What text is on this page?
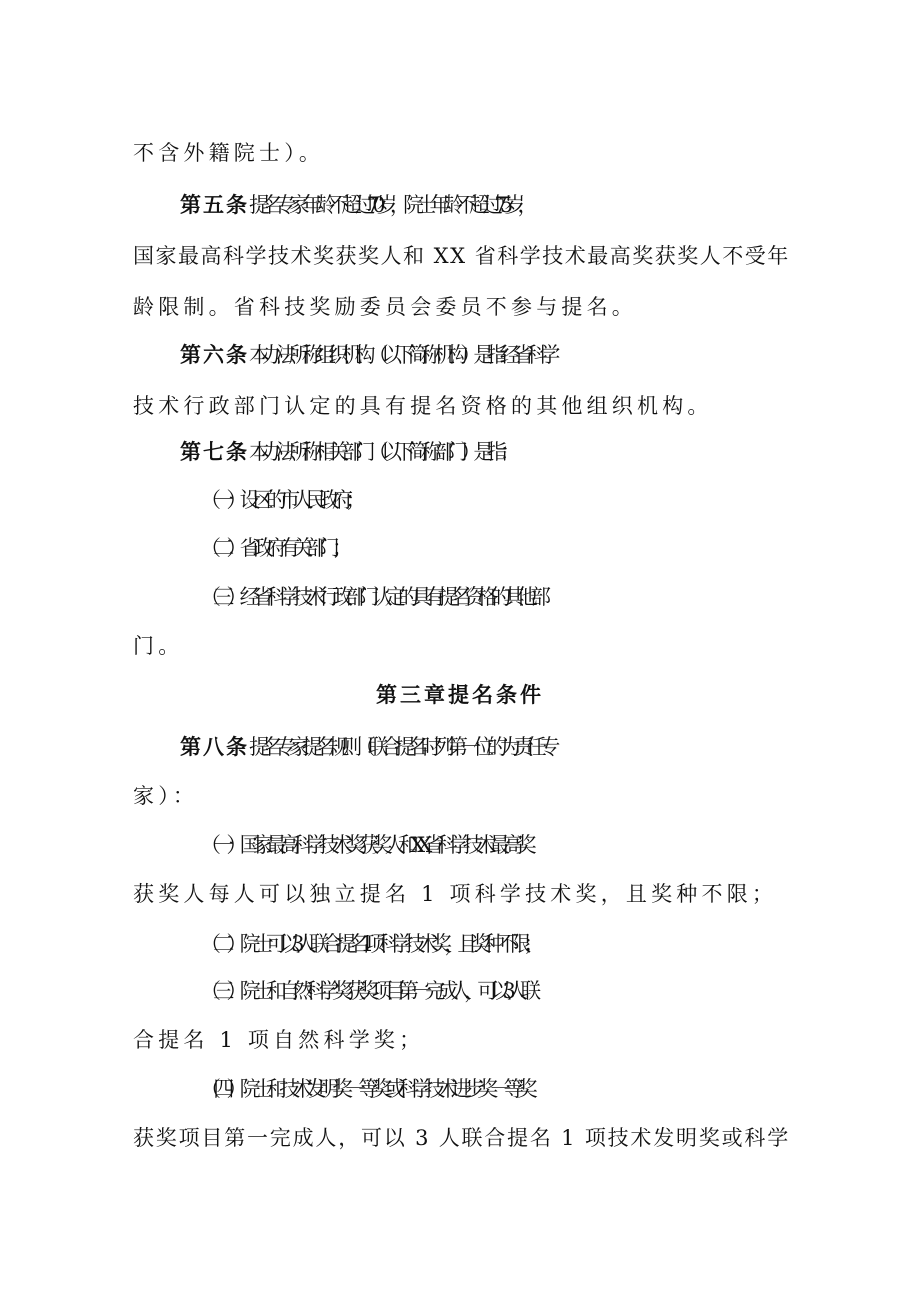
不含外籍院士）。
第五条提名专家年龄不超过 70 岁，院士年龄不超过 75 岁，
国家最高科学技术奖获奖人和 XX 省科学技术最高奖获奖人不受年
龄限制。省科技奖励委员会委员不参与提名。
第六条本办法所称组织机构（以下简称机构）是指经省科学
技术行政部门认定的具有提名资格的其他组织机构。
第七条本办法所称相关部门（以下简称部门）是指：
（一）设区的市人民政府；
（二）省政府有关部门；
（三）经省科学技术行政部门认定的具有提名资格的其他部
门。
第三章提名条件
第八条提名专家提名规则（联合提名时列第一位的为责任专
家）：
（一）国家最高科学技术奖获奖人和 XX 省科学技术最高奖
获奖人每人可以独立提名 1 项科学技术奖，且奖种不限；
（二）院士可以 3 人联合提名 1 项科学技术奖，且奖种不限；
（三）院士和自然科学奖获奖项目第一完成人，可以 3 人联
合提名 1 项自然科学奖；
（四）院士和技术发明奖一等奖或科学技术进步奖一等奖
获奖项目第一完成人，可以 3 人联合提名 1 项技术发明奖或科学
